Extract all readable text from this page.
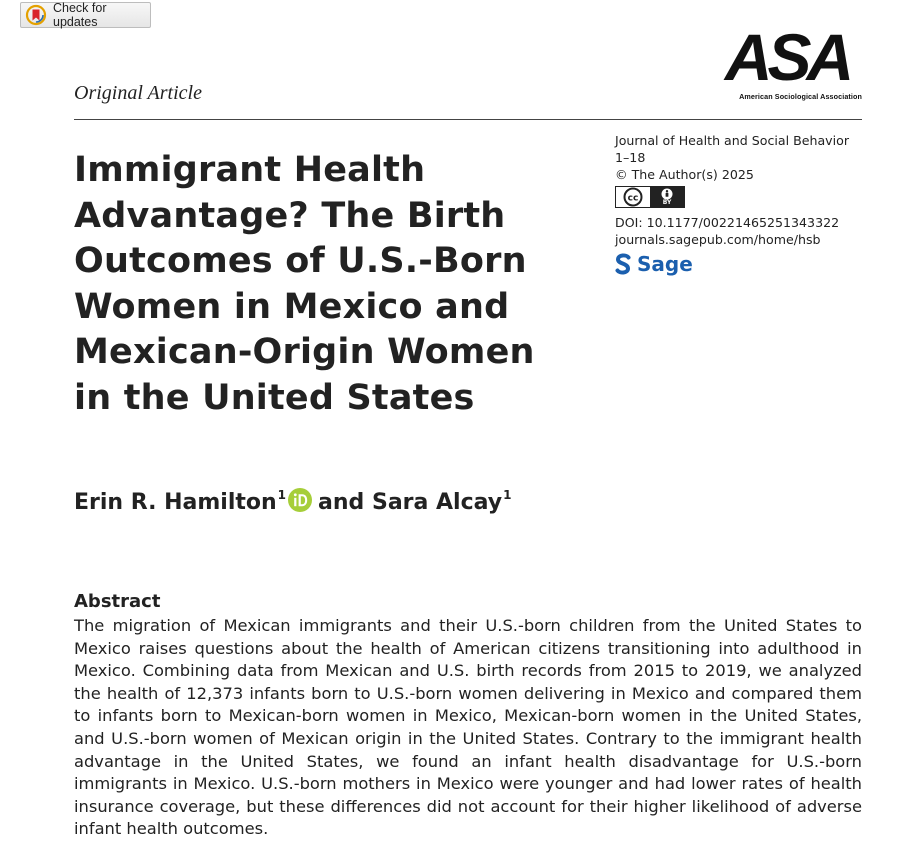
Check for updates
Original Article	ASA
American Sociological Association
Immigrant Health Advantage? The Birth Outcomes of U.S.-Born Women in Mexico and Mexican-Origin Women in the United States
Journal of Health and Social Behavior
1–18
© The Author(s) 2025
cc	BY
DOI: 10.1177/00221465251343322
journals.sagepub.com/home/hsb
Sage
Erin R. Hamilton$^1$ and Sara Alcay$^1$
Abstract

The migration of Mexican immigrants and their U.S.-born children from the United States to Mexico raises questions about the health of American citizens transitioning into adulthood in Mexico. Combining data from Mexican and U.S. birth records from 2015 to 2019, we analyzed the health of 12,373 infants born to U.S.-born women delivering in Mexico and compared them to infants born to Mexican-born women in Mexico, Mexican-born women in the United States, and U.S.-born women of Mexican origin in the United States. Contrary to the immigrant health advantage in the United States, we found an infant health disadvantage for U.S.-born immigrants in Mexico. U.S.-born mothers in Mexico were younger and had lower rates of health insurance coverage, but these differences did not account for their higher likelihood of adverse infant health outcomes.
